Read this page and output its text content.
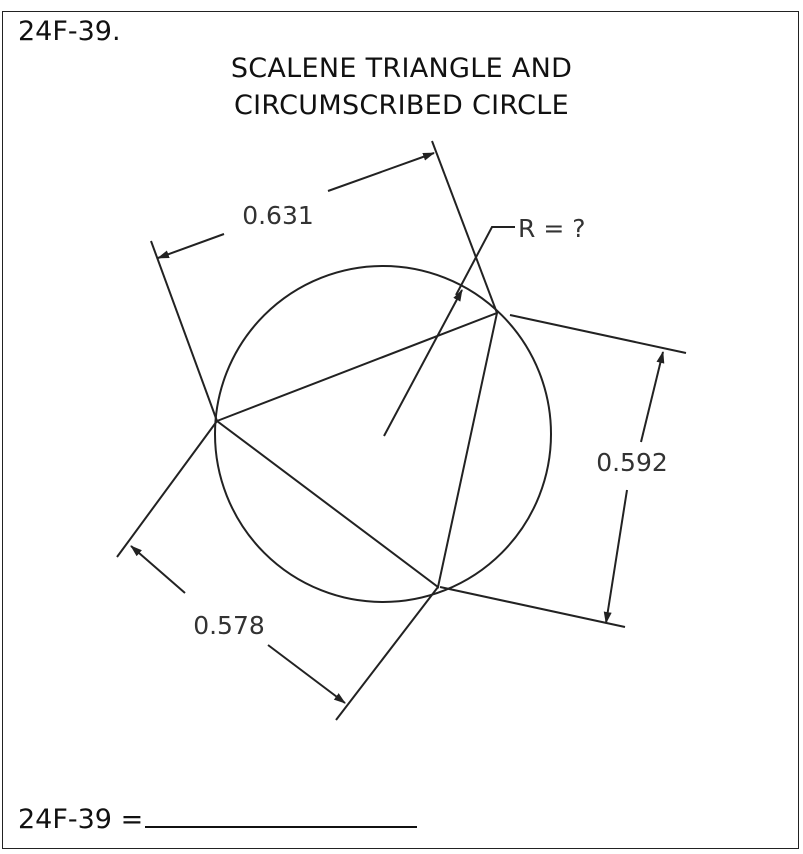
24F-39.
SCALENE TRIANGLE AND
CIRCUMSCRIBED CIRCLE
0.631
0.592
0.578
R = ?
24F-39 =
